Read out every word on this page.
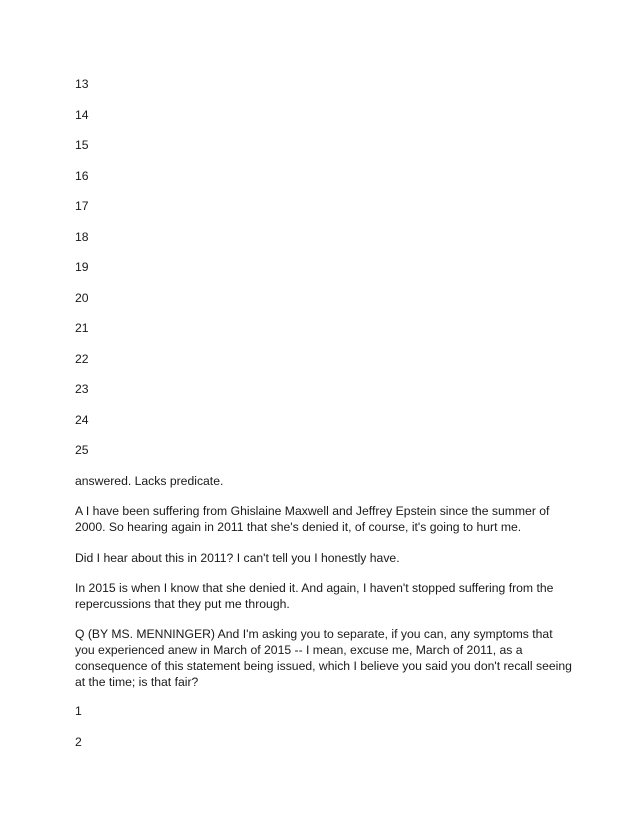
13
14
15
16
17
18
19
20
21
22
23
24
25
answered. Lacks predicate.
A I have been suffering from Ghislaine Maxwell and Jeffrey Epstein since the summer of 2000. So hearing again in 2011 that she's denied it, of course, it's going to hurt me.
Did I hear about this in 2011? I can't tell you I honestly have.
In 2015 is when I know that she denied it. And again, I haven't stopped suffering from the repercussions that they put me through.
Q (BY MS. MENNINGER) And I'm asking you to separate, if you can, any symptoms that you experienced anew in March of 2015 -- I mean, excuse me, March of 2011, as a consequence of this statement being issued, which I believe you said you don't recall seeing at the time; is that fair?
1
2
